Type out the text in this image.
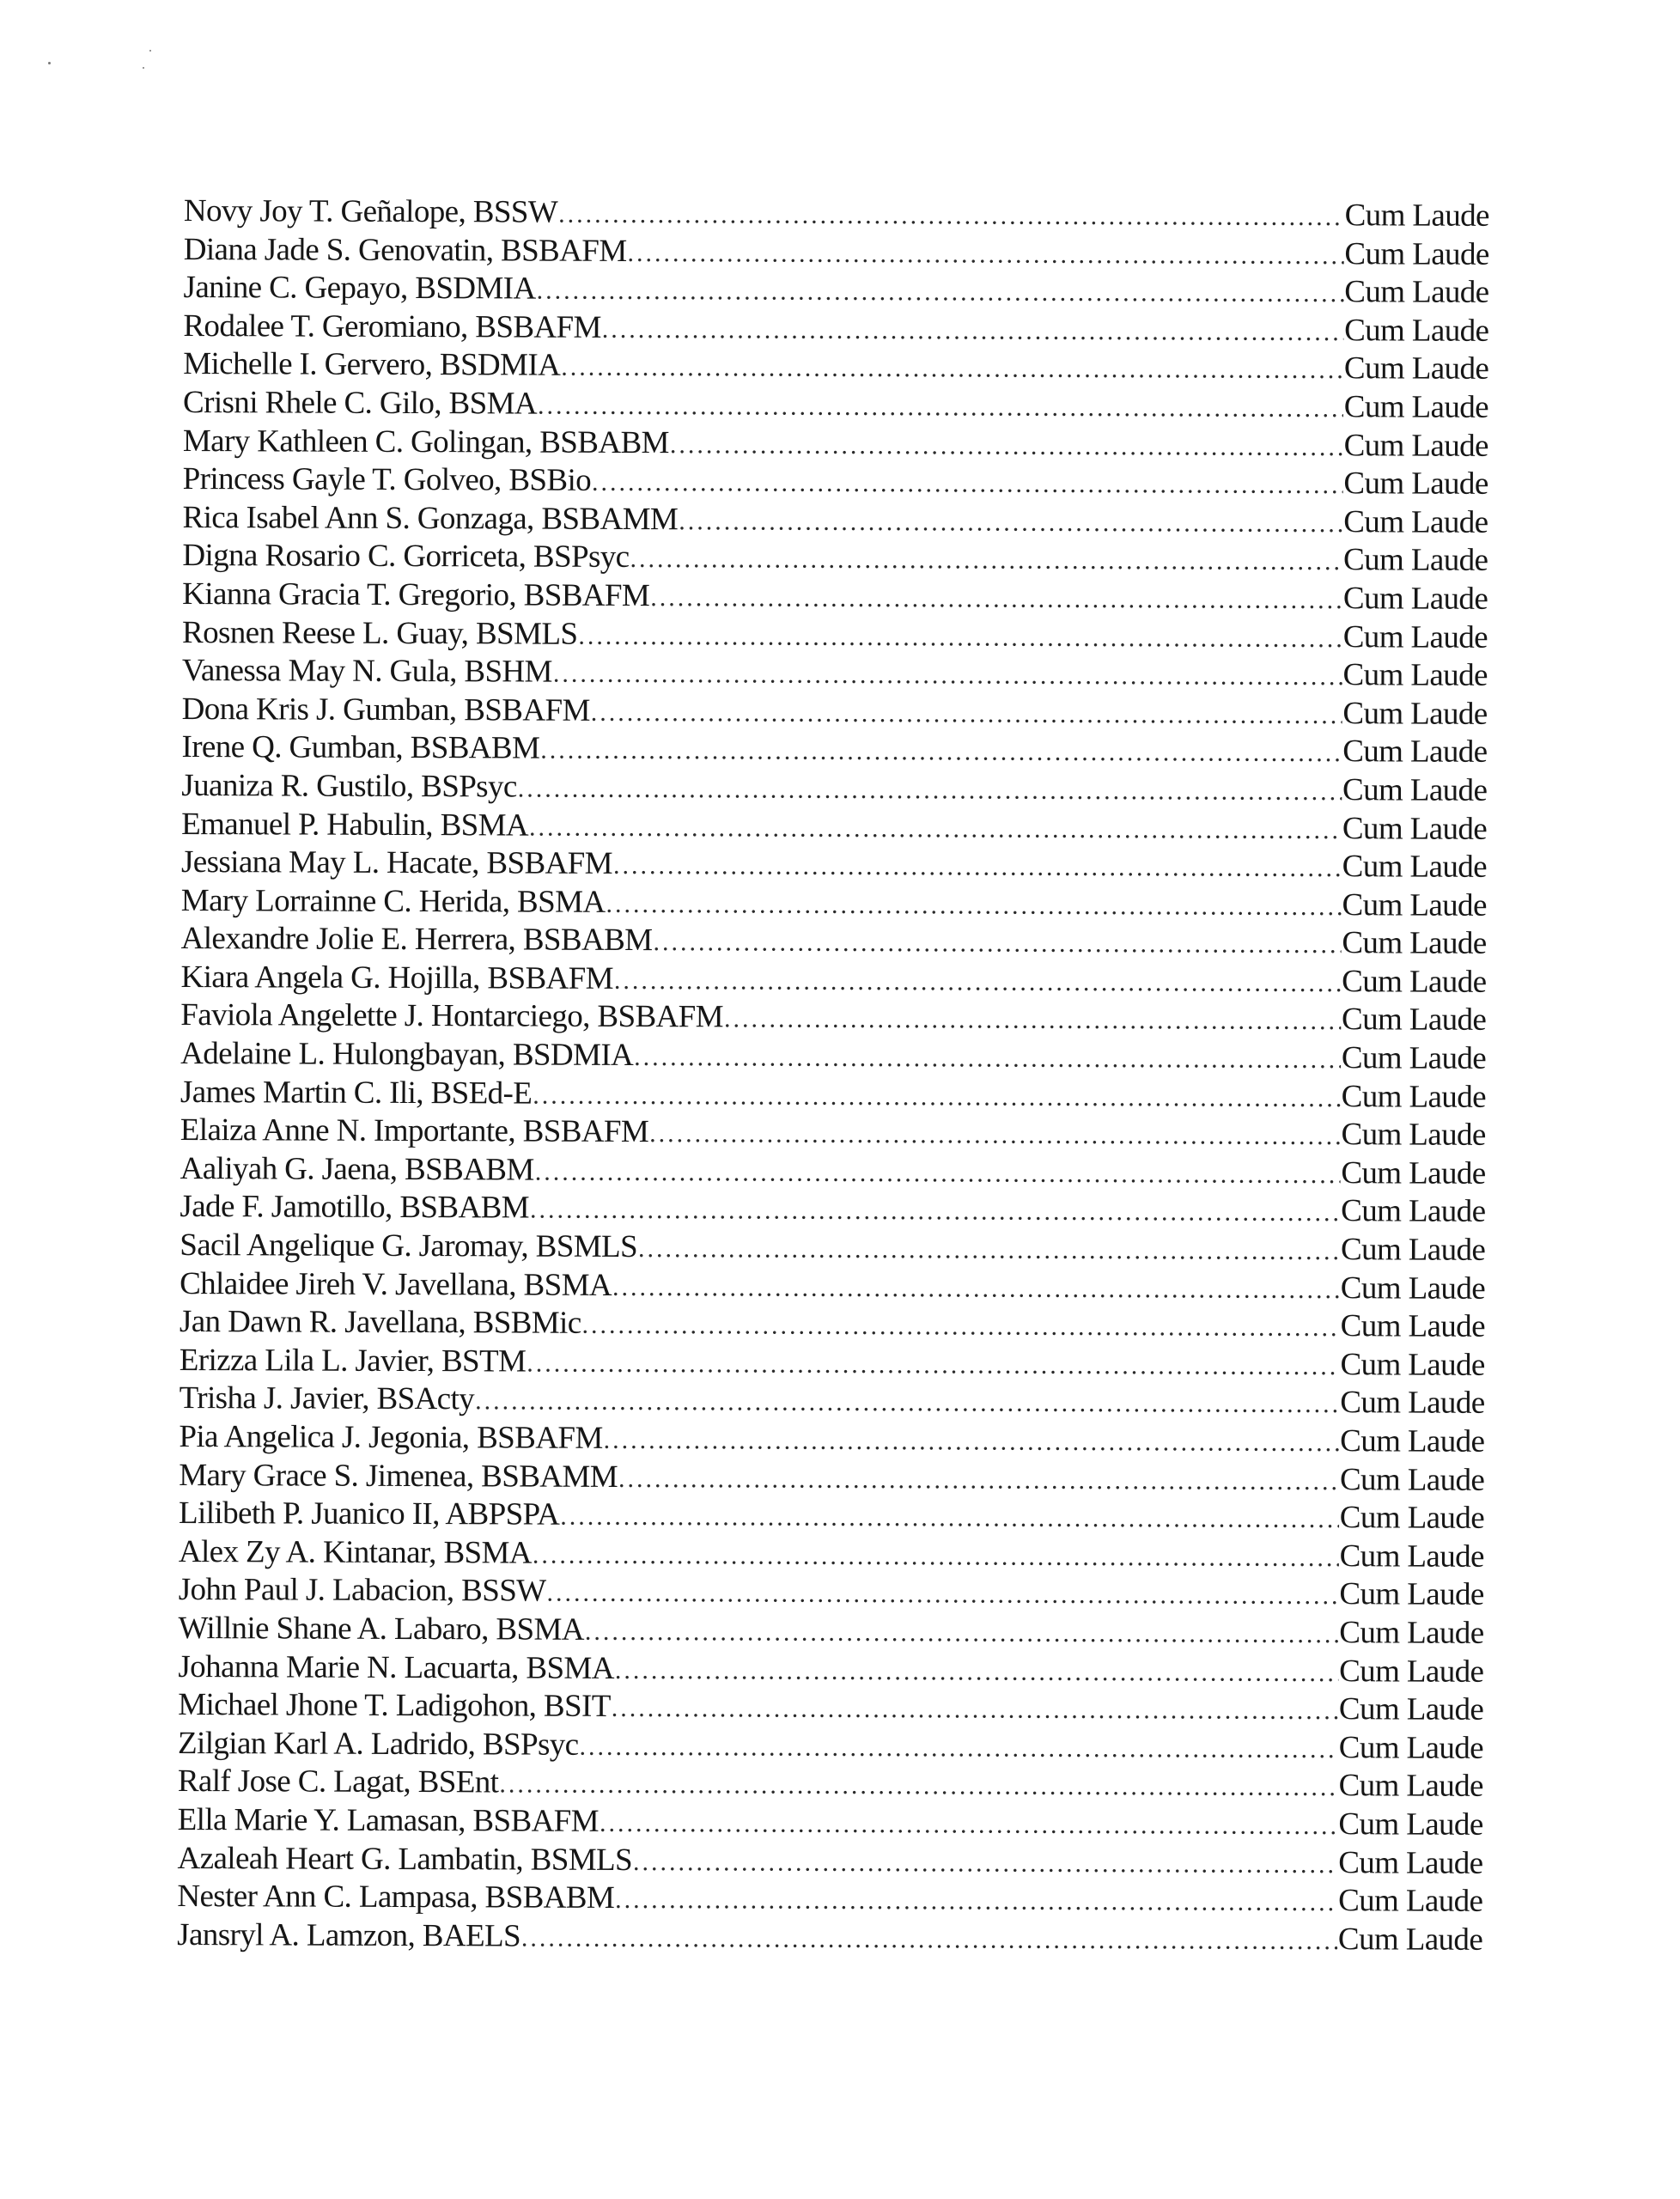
Novy Joy T. Geñalope, BSSW .....	Cum Laude
Diana Jade S. Genovatin, BSBAFM .....	Cum Laude
Janine C. Gepayo, BSDMIA .....	Cum Laude
Rodalee T. Geromiano, BSBAFM .....	Cum Laude
Michelle I. Gervero, BSDMIA .....	Cum Laude
Crisni Rhele C. Gilo, BSMA .....	Cum Laude
Mary Kathleen C. Golingan, BSBABM .....	Cum Laude
Princess Gayle T. Golveo, BSBio .....	Cum Laude
Rica Isabel Ann S. Gonzaga, BSBAMM .....	Cum Laude
Digna Rosario C. Gorriceta, BSPsyc .....	Cum Laude
Kianna Gracia T. Gregorio, BSBAFM .....	Cum Laude
Rosnen Reese L. Guay, BSMLS .....	Cum Laude
Vanessa May N. Gula, BSHM .....	Cum Laude
Dona Kris J. Gumban, BSBAFM .....	Cum Laude
Irene Q. Gumban, BSBABM .....	Cum Laude
Juaniza R. Gustilo, BSPsyc .....	Cum Laude
Emanuel P. Habulin, BSMA .....	Cum Laude
Jessiana May L. Hacate, BSBAFM .....	Cum Laude
Mary Lorrainne C. Herida, BSMA .....	Cum Laude
Alexandre Jolie E. Herrera, BSBABM .....	Cum Laude
Kiara Angela G. Hojilla, BSBAFM .....	Cum Laude
Faviola Angelette J. Hontarciego, BSBAFM .....	Cum Laude
Adelaine L. Hulongbayan, BSDMIA .....	Cum Laude
James Martin C. Ili, BSEd-E .....	Cum Laude
Elaiza Anne N. Importante, BSBAFM .....	Cum Laude
Aaliyah G. Jaena, BSBABM .....	Cum Laude
Jade F. Jamotillo, BSBABM .....	Cum Laude
Sacil Angelique G. Jaromay, BSMLS .....	Cum Laude
Chlaidee Jireh V. Javellana, BSMA .....	Cum Laude
Jan Dawn R. Javellana, BSBMic .....	Cum Laude
Erizza Lila L. Javier, BSTM .....	Cum Laude
Trisha J. Javier, BSActy .....	Cum Laude
Pia Angelica J. Jegonia, BSBAFM .....	Cum Laude
Mary Grace S. Jimenea, BSBAMM .....	Cum Laude
Lilibeth P. Juanico II, ABPSPA .....	Cum Laude
Alex Zy A. Kintanar, BSMA .....	Cum Laude
John Paul J. Labacion, BSSW .....	Cum Laude
Willnie Shane A. Labaro, BSMA .....	Cum Laude
Johanna Marie N. Lacuarta, BSMA .....	Cum Laude
Michael Jhone T. Ladigohon, BSIT .....	Cum Laude
Zilgian Karl A. Ladrido, BSPsyc .....	Cum Laude
Ralf Jose C. Lagat, BSEnt .....	Cum Laude
Ella Marie Y. Lamasan, BSBAFM .....	Cum Laude
Azaleah Heart G. Lambatin, BSMLS .....	Cum Laude
Nester Ann C. Lampasa, BSBABM .....	Cum Laude
Jansryl A. Lamzon, BAELS .....	Cum Laude
